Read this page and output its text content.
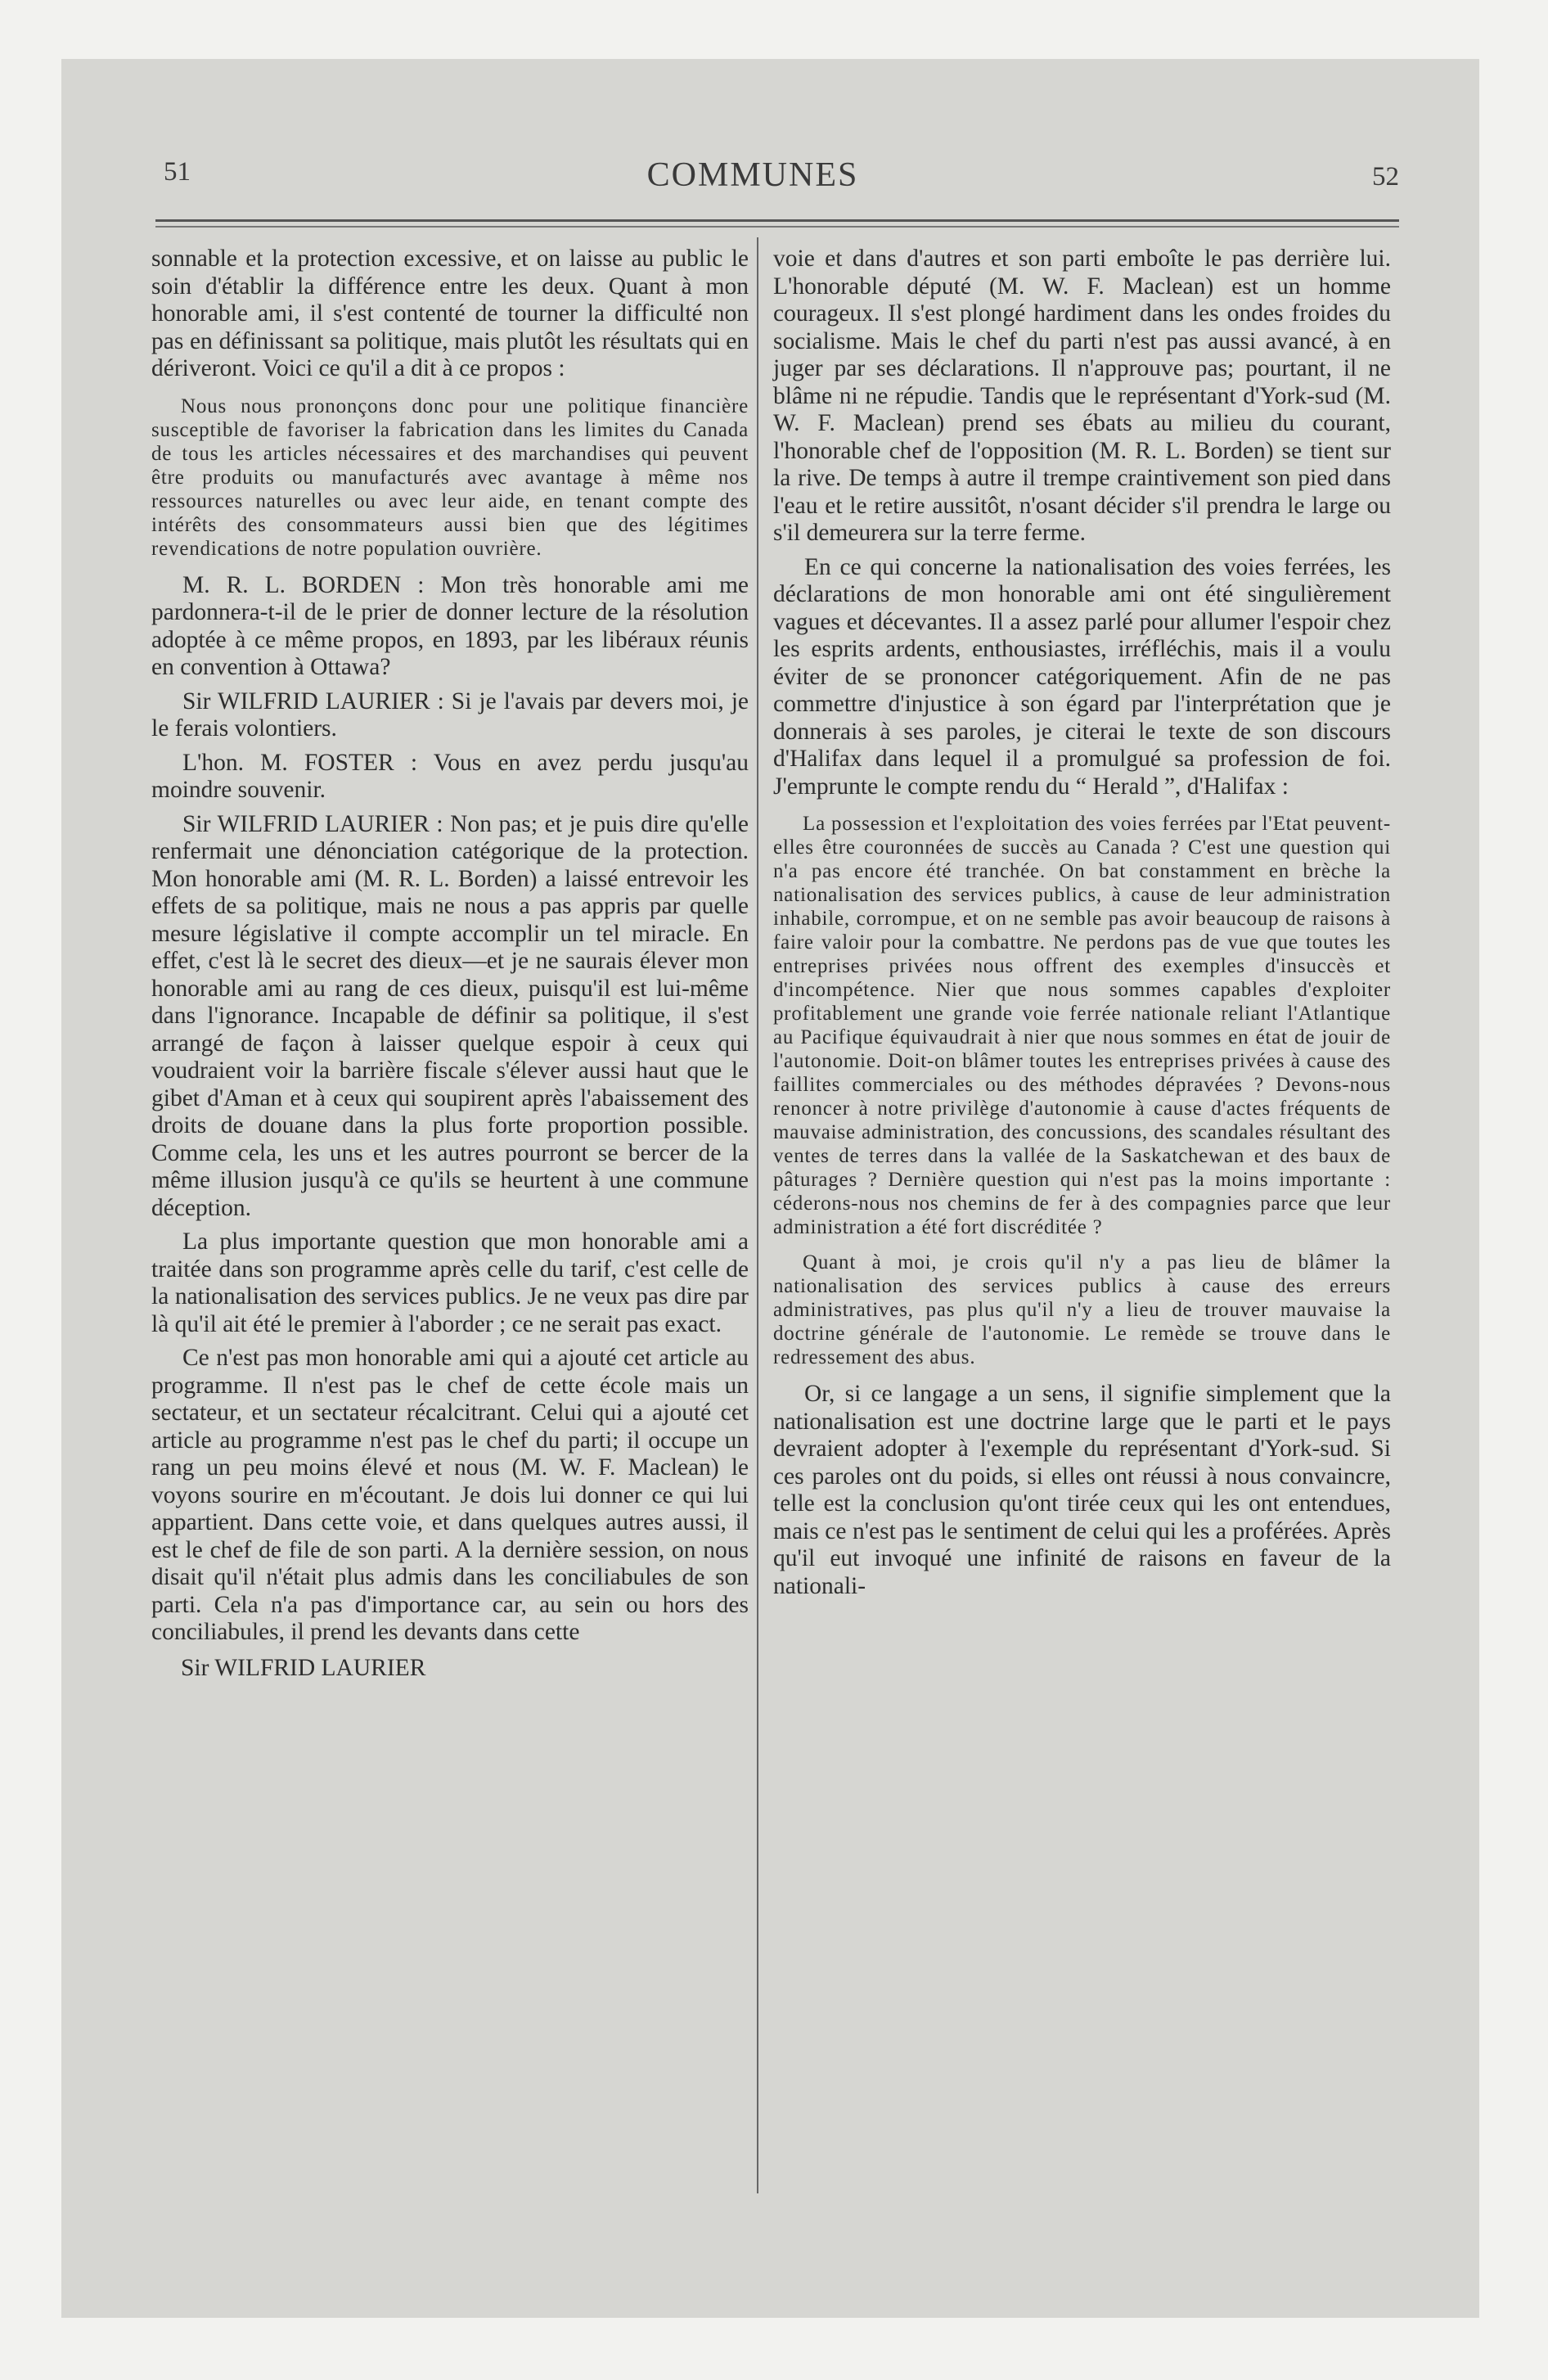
51	COMMUNES	52

sonnable et la protection excessive, et on laisse au public le soin d'établir la différence entre les deux. Quant à mon honorable ami, il s'est contenté de tourner la difficulté non pas en définissant sa politique, mais plutôt les résultats qui en dériveront. Voici ce qu'il a dit à ce propos :

Nous nous prononçons donc pour une politique financière susceptible de favoriser la fabrication dans les limites du Canada de tous les articles nécessaires et des marchandises qui peuvent être produits ou manufacturés avec avantage à même nos ressources naturelles ou avec leur aide, en tenant compte des intérêts des consommateurs aussi bien que des légitimes revendications de notre population ouvrière.

M. R. L. BORDEN : Mon très honorable ami me pardonnera-t-il de le prier de donner lecture de la résolution adoptée à ce même propos, en 1893, par les libéraux réunis en convention à Ottawa?

Sir WILFRID LAURIER : Si je l'avais par devers moi, je le ferais volontiers.

L'hon. M. FOSTER : Vous en avez perdu jusqu'au moindre souvenir.

Sir WILFRID LAURIER : Non pas; et je puis dire qu'elle renfermait une dénonciation catégorique de la protection. Mon honorable ami (M. R. L. Borden) a laissé entrevoir les effets de sa politique, mais ne nous a pas appris par quelle mesure législative il compte accomplir un tel miracle. En effet, c'est là le secret des dieux—et je ne saurais élever mon honorable ami au rang de ces dieux, puisqu'il est lui-même dans l'ignorance. Incapable de définir sa politique, il s'est arrangé de façon à laisser quelque espoir à ceux qui voudraient voir la barrière fiscale s'élever aussi haut que le gibet d'Aman et à ceux qui soupirent après l'abaissement des droits de douane dans la plus forte proportion possible. Comme cela, les uns et les autres pourront se bercer de la même illusion jusqu'à ce qu'ils se heurtent à une commune déception.

La plus importante question que mon honorable ami a traitée dans son programme après celle du tarif, c'est celle de la nationalisation des services publics. Je ne veux pas dire par là qu'il ait été le premier à l'aborder ; ce ne serait pas exact.

Ce n'est pas mon honorable ami qui a ajouté cet article au programme. Il n'est pas le chef de cette école mais un sectateur, et un sectateur récalcitrant. Celui qui a ajouté cet article au programme n'est pas le chef du parti; il occupe un rang un peu moins élevé et nous (M. W. F. Maclean) le voyons sourire en m'écoutant. Je dois lui donner ce qui lui appartient. Dans cette voie, et dans quelques autres aussi, il est le chef de file de son parti. A la dernière session, on nous disait qu'il n'était plus admis dans les conciliabules de son parti. Cela n'a pas d'importance car, au sein ou hors des conciliabules, il prend les devants dans cette

Sir WILFRID LAURIER

voie et dans d'autres et son parti emboîte le pas derrière lui. L'honorable député (M. W. F. Maclean) est un homme courageux. Il s'est plongé hardiment dans les ondes froides du socialisme. Mais le chef du parti n'est pas aussi avancé, à en juger par ses déclarations. Il n'approuve pas; pourtant, il ne blâme ni ne répudie. Tandis que le représentant d'York-sud (M. W. F. Maclean) prend ses ébats au milieu du courant, l'honorable chef de l'opposition (M. R. L. Borden) se tient sur la rive. De temps à autre il trempe craintivement son pied dans l'eau et le retire aussitôt, n'osant décider s'il prendra le large ou s'il demeurera sur la terre ferme.

En ce qui concerne la nationalisation des voies ferrées, les déclarations de mon honorable ami ont été singulièrement vagues et décevantes. Il a assez parlé pour allumer l'espoir chez les esprits ardents, enthousiastes, irréfléchis, mais il a voulu éviter de se prononcer catégoriquement. Afin de ne pas commettre d'injustice à son égard par l'interprétation que je donnerais à ses paroles, je citerai le texte de son discours d'Halifax dans lequel il a promulgué sa profession de foi. J'emprunte le compte rendu du “ Herald ”, d'Halifax :

La possession et l'exploitation des voies ferrées par l'Etat peuvent-elles être couronnées de succès au Canada ? C'est une question qui n'a pas encore été tranchée. On bat constamment en brèche la nationalisation des services publics, à cause de leur administration inhabile, corrompue, et on ne semble pas avoir beaucoup de raisons à faire valoir pour la combattre. Ne perdons pas de vue que toutes les entreprises privées nous offrent des exemples d'insuccès et d'incompétence. Nier que nous sommes capables d'exploiter profitablement une grande voie ferrée nationale reliant l'Atlantique au Pacifique équivaudrait à nier que nous sommes en état de jouir de l'autonomie. Doit-on blâmer toutes les entreprises privées à cause des faillites commerciales ou des méthodes dépravées ? Devons-nous renoncer à notre privilège d'autonomie à cause d'actes fréquents de mauvaise administration, des concussions, des scandales résultant des ventes de terres dans la vallée de la Saskatchewan et des baux de pâturages ? Dernière question qui n'est pas la moins importante : céderons-nous nos chemins de fer à des compagnies parce que leur administration a été fort discréditée ?

Quant à moi, je crois qu'il n'y a pas lieu de blâmer la nationalisation des services publics à cause des erreurs administratives, pas plus qu'il n'y a lieu de trouver mauvaise la doctrine générale de l'autonomie. Le remède se trouve dans le redressement des abus.

Or, si ce langage a un sens, il signifie simplement que la nationalisation est une doctrine large que le parti et le pays devraient adopter à l'exemple du représentant d'York-sud. Si ces paroles ont du poids, si elles ont réussi à nous convaincre, telle est la conclusion qu'ont tirée ceux qui les ont entendues, mais ce n'est pas le sentiment de celui qui les a proférées. Après qu'il eut invoqué une infinité de raisons en faveur de la nationali-
